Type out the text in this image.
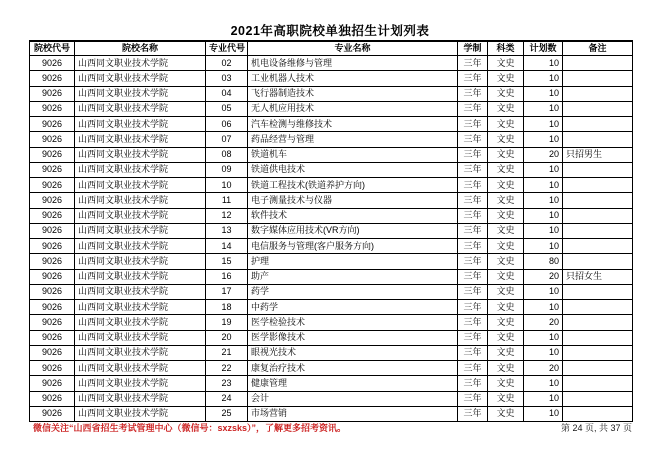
2021年高职院校单独招生计划列表
院校代号	院校名称	专业代号	专业名称	学制	科类	计划数	备注
9026	山西同文职业技术学院	02	机电设备维修与管理	三年	文史	10	
9026	山西同文职业技术学院	03	工业机器人技术	三年	文史	10	
9026	山西同文职业技术学院	04	飞行器制造技术	三年	文史	10	
9026	山西同文职业技术学院	05	无人机应用技术	三年	文史	10	
9026	山西同文职业技术学院	06	汽车检测与维修技术	三年	文史	10	
9026	山西同文职业技术学院	07	药品经营与管理	三年	文史	10	
9026	山西同文职业技术学院	08	铁道机车	三年	文史	20	只招男生
9026	山西同文职业技术学院	09	铁道供电技术	三年	文史	10	
9026	山西同文职业技术学院	10	铁道工程技术(铁道养护方向)	三年	文史	10	
9026	山西同文职业技术学院	11	电子测量技术与仪器	三年	文史	10	
9026	山西同文职业技术学院	12	软件技术	三年	文史	10	
9026	山西同文职业技术学院	13	数字媒体应用技术(VR方向)	三年	文史	10	
9026	山西同文职业技术学院	14	电信服务与管理(客户服务方向)	三年	文史	10	
9026	山西同文职业技术学院	15	护理	三年	文史	80	
9026	山西同文职业技术学院	16	助产	三年	文史	20	只招女生
9026	山西同文职业技术学院	17	药学	三年	文史	10	
9026	山西同文职业技术学院	18	中药学	三年	文史	10	
9026	山西同文职业技术学院	19	医学检验技术	三年	文史	20	
9026	山西同文职业技术学院	20	医学影像技术	三年	文史	10	
9026	山西同文职业技术学院	21	眼视光技术	三年	文史	10	
9026	山西同文职业技术学院	22	康复治疗技术	三年	文史	20	
9026	山西同文职业技术学院	23	健康管理	三年	文史	10	
9026	山西同文职业技术学院	24	会计	三年	文史	10	
9026	山西同文职业技术学院	25	市场营销	三年	文史	10	
微信关注“山西省招生考试管理中心（微信号：sxzsks）”，了解更多招考资讯。	第 24 页, 共 37 页
